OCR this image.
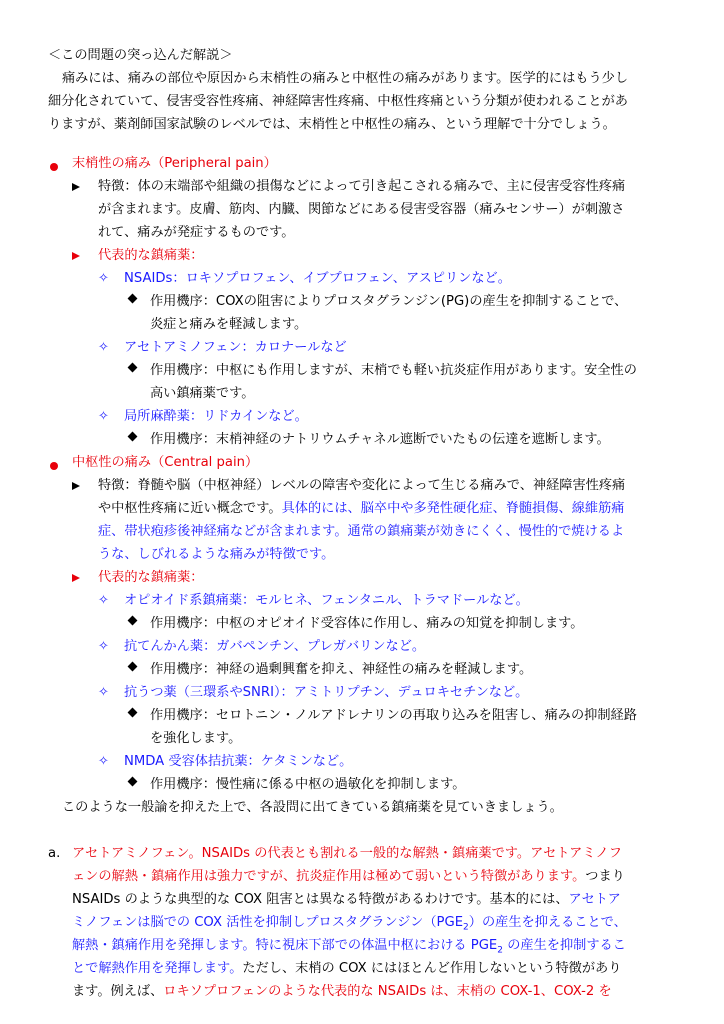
＜この問題の突っ込んだ解説＞
痛みには、痛みの部位や原因から末梢性の痛みと中枢性の痛みがあります。医学的にはもう少し
細分化されていて、侵害受容性疼痛、神経障害性疼痛、中枢性疼痛という分類が使われることがあ
りますが、薬剤師国家試験のレベルでは、末梢性と中枢性の痛み、という理解で十分でしょう。
末梢性の痛み（Peripheral pain）
特徴：体の末端部や組織の損傷などによって引き起こされる痛みで、主に侵害受容性疼痛
が含まれます。皮膚、筋肉、内臓、関節などにある侵害受容器（痛みセンサー）が刺激さ
れて、痛みが発症するものです。
代表的な鎮痛薬：
✧ NSAIDs：ロキソプロフェン、イブプロフェン、アスピリンなど。
作用機序：COXの阻害によりプロスタグランジン(PG)の産生を抑制することで、
炎症と痛みを軽減します。
✧ アセトアミノフェン：カロナールなど
作用機序：中枢にも作用しますが、末梢でも軽い抗炎症作用があります。安全性の
高い鎮痛薬です。
✧ 局所麻酔薬：リドカインなど。
作用機序：末梢神経のナトリウムチャネル遮断でいたもの伝達を遮断します。
中枢性の痛み（Central pain）
特徴：脊髄や脳（中枢神経）レベルの障害や変化によって生じる痛みで、神経障害性疼痛
や中枢性疼痛に近い概念です。具体的には、脳卒中や多発性硬化症、脊髄損傷、線維筋痛
症、帯状疱疹後神経痛などが含まれます。通常の鎮痛薬が効きにくく、慢性的で焼けるよ
うな、しびれるような痛みが特徴です。
代表的な鎮痛薬：
✧ オピオイド系鎮痛薬：モルヒネ、フェンタニル、トラマドールなど。
作用機序：中枢のオピオイド受容体に作用し、痛みの知覚を抑制します。
✧ 抗てんかん薬：ガバペンチン、プレガバリンなど。
作用機序：神経の過剰興奮を抑え、神経性の痛みを軽減します。
✧ 抗うつ薬（三環系やSNRI）：アミトリプチン、デュロキセチンなど。
作用機序：セロトニン・ノルアドレナリンの再取り込みを阻害し、痛みの抑制経路
を強化します。
✧ NMDA 受容体拮抗薬：ケタミンなど。
作用機序：慢性痛に係る中枢の過敏化を抑制します。
このような一般論を抑えた上で、各設問に出てきている鎮痛薬を見ていきましょう。
a. アセトアミノフェン。NSAIDs の代表とも割れる一般的な解熱・鎮痛薬です。アセトアミノフ
ェンの解熱・鎮痛作用は強力ですが、抗炎症作用は極めて弱いという特徴があります。つまり
NSAIDs のような典型的な COX 阻害とは異なる特徴があるわけです。基本的には、アセトア
ミノフェンは脳での COX 活性を抑制しプロスタグランジン$(PGE_2)$の産生を抑えることで、
解熱・鎮痛作用を発揮します。特に視床下部での体温中枢における $PGE_2$ の産生を抑制するこ
とで解熱作用を発揮します。ただし、末梢の COX にはほとんど作用しないという特徴があり
ます。例えば、ロキソプロフェンのような代表的な NSAIDs は、末梢の COX-1、COX-2 を
